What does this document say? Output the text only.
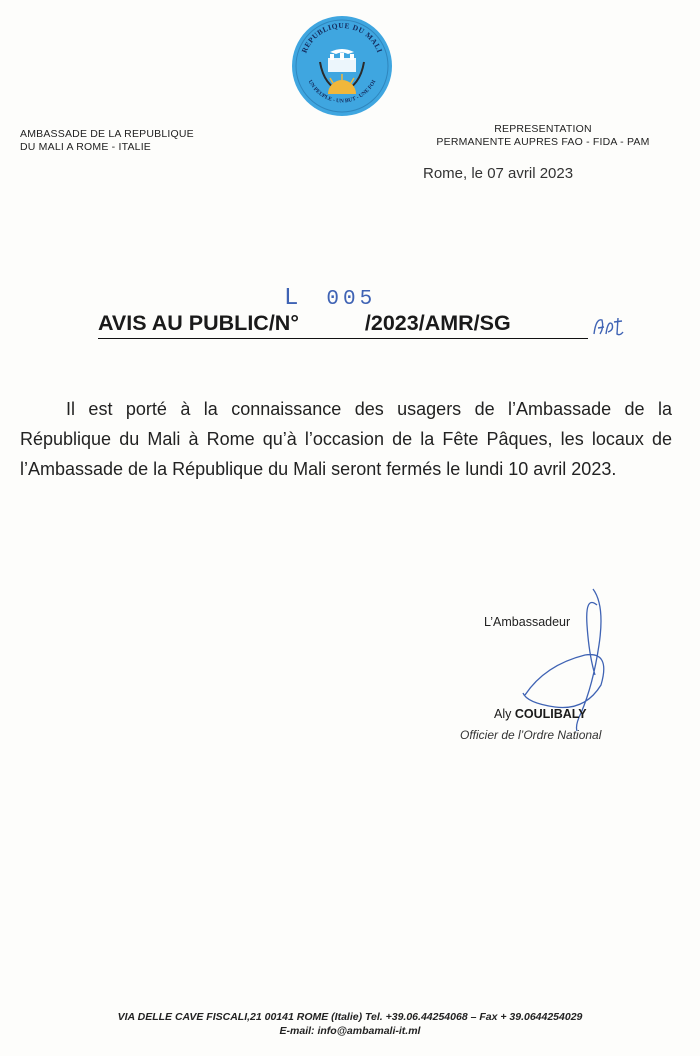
REPUBLIQUE DU MALI
UN PEUPLE - UN BUT - UNE FOI
AMBASSADE DE LA REPUBLIQUE
DU MALI A ROME - ITALIE
REPRESENTATION
PERMANENTE AUPRES FAO - FIDA - PAM
Rome, le 07 avril 2023
L 005
AVIS AU PUBLIC/N°	/2023/AMR/SG

Il est porté à la connaissance des usagers de l’Ambassade de la République du Mali à Rome qu’à l’occasion de la Fête Pâques, les locaux de l’Ambassade de la République du Mali seront fermés le lundi 10 avril 2023.

L’Ambassadeur
Aly COULIBALY
Officier de l’Ordre National
VIA DELLE CAVE FISCALI,21 00141 ROME (Italie) Tel. +39.06.44254068 – Fax + 39.0644254029
E-mail: info@ambamali-it.ml
